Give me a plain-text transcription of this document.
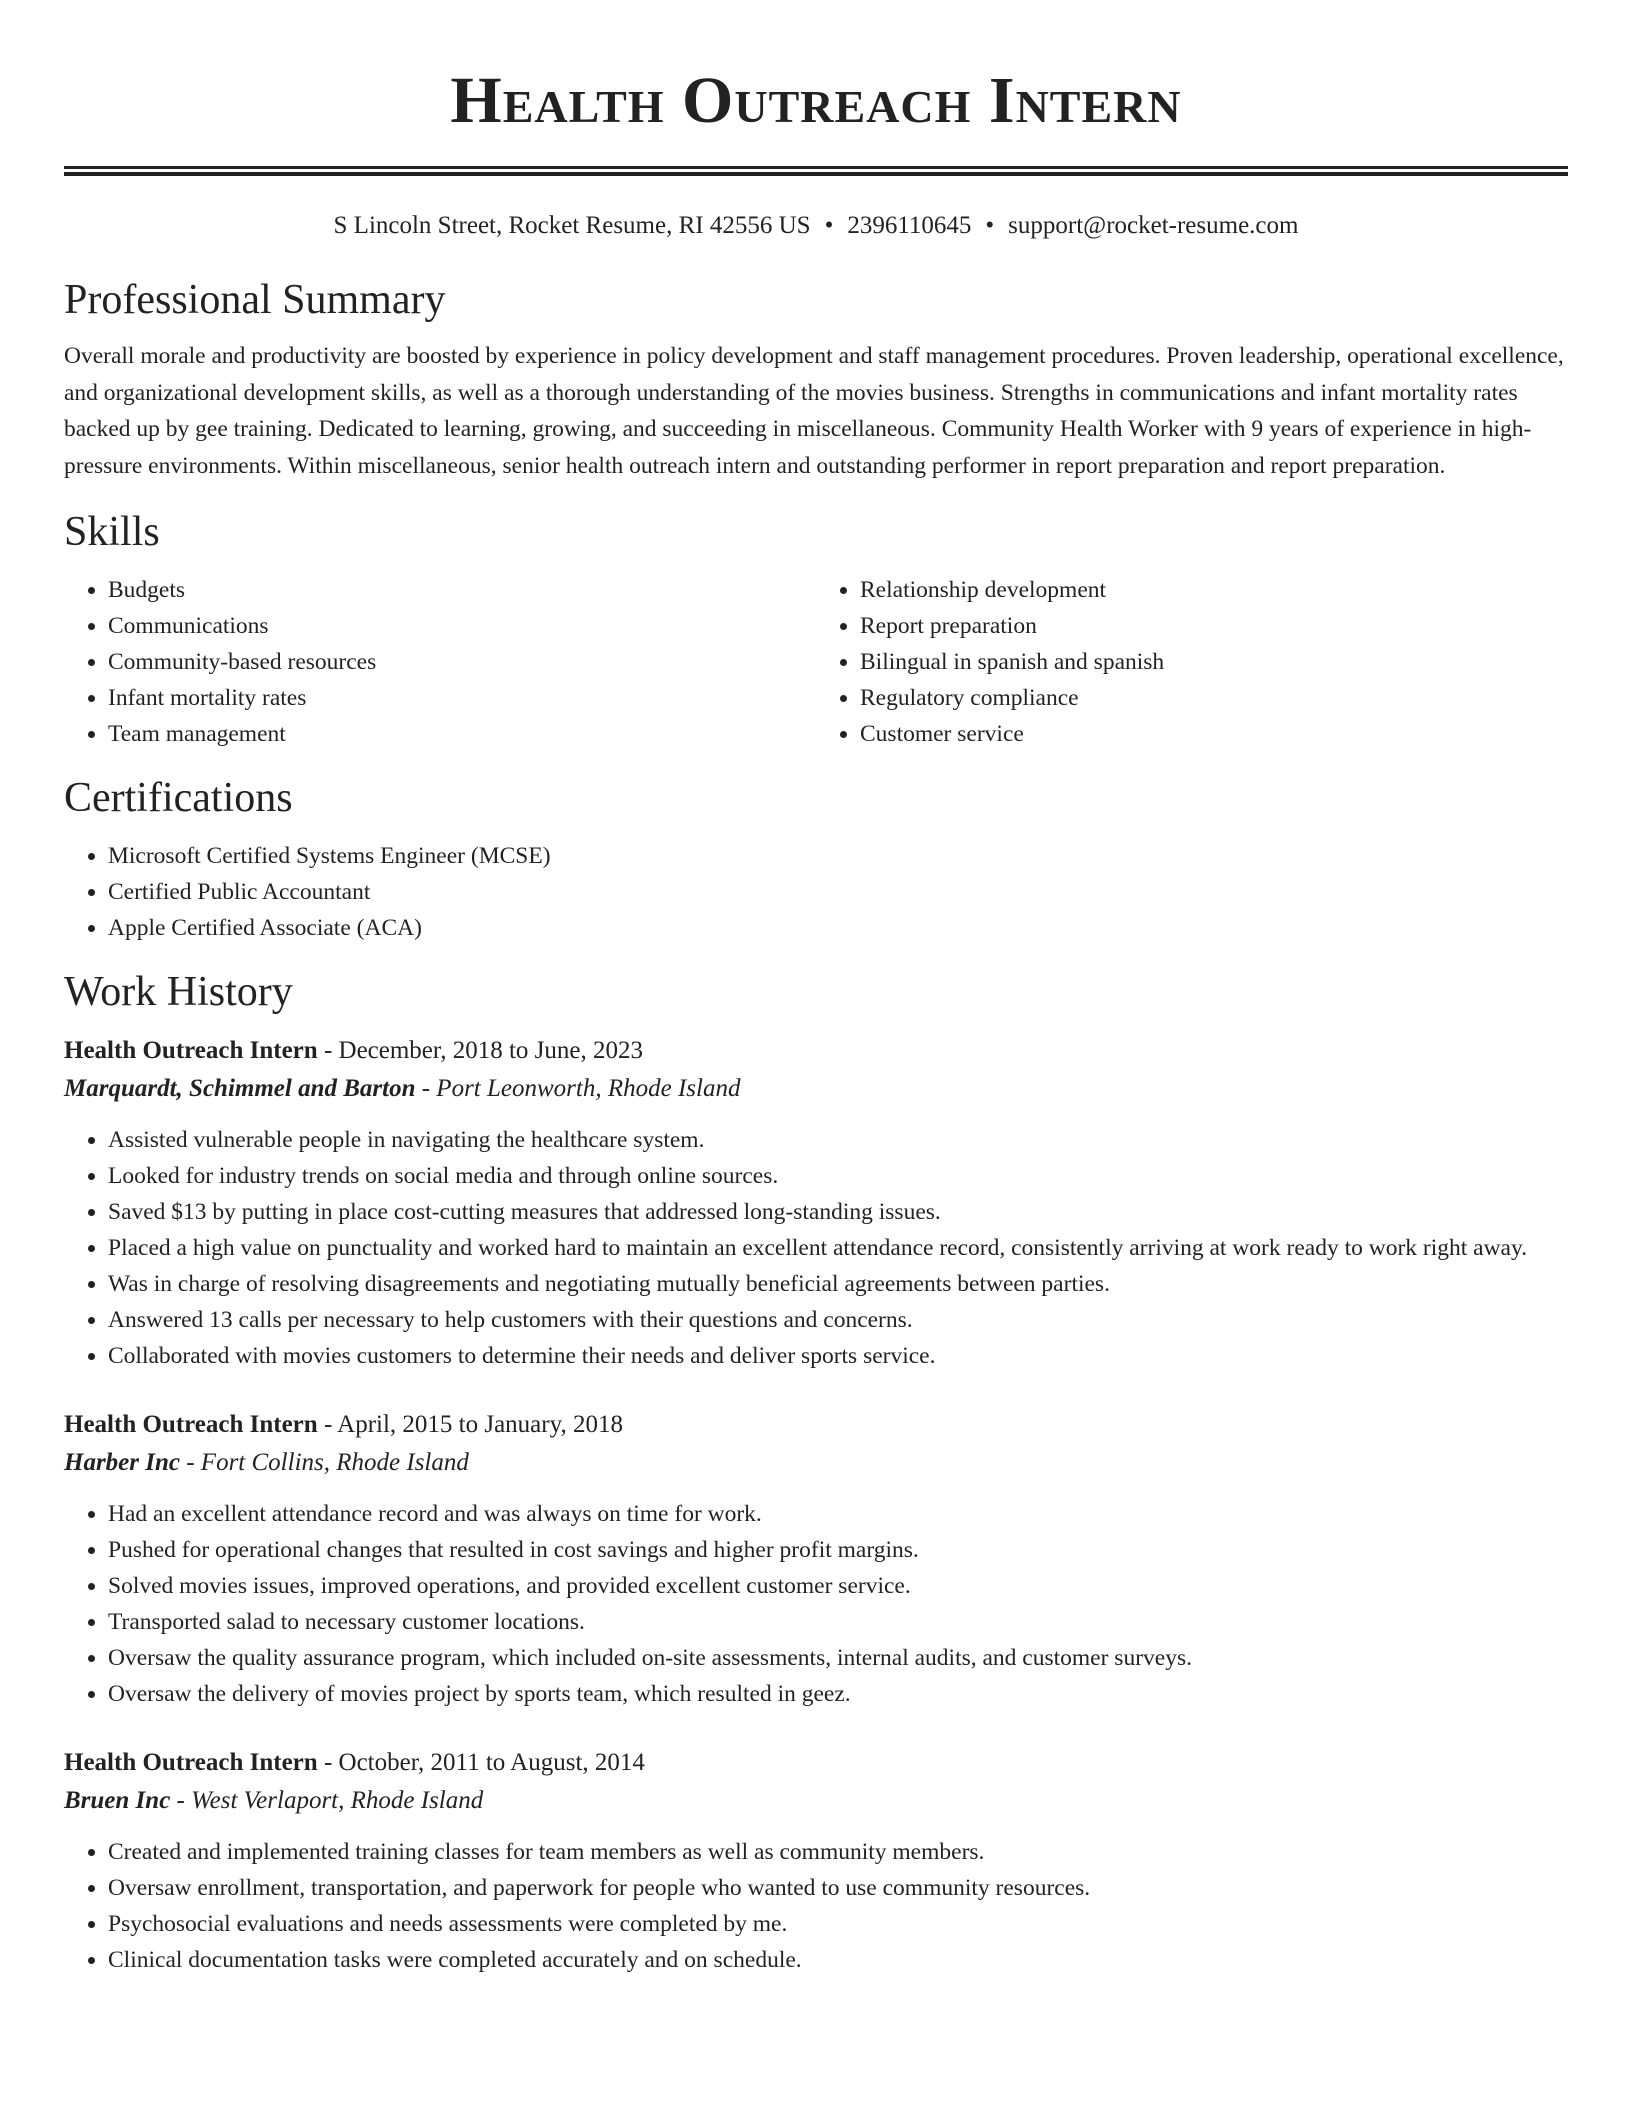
Health Outreach Intern
S Lincoln Street, Rocket Resume, RI 42556 US • 2396110645 • support@rocket-resume.com
Professional Summary

Overall morale and productivity are boosted by experience in policy development and staff management procedures. Proven leadership, operational excellence, and organizational development skills, as well as a thorough understanding of the movies business. Strengths in communications and infant mortality rates backed up by gee training. Dedicated to learning, growing, and succeeding in miscellaneous. Community Health Worker with 9 years of experience in high-pressure environments. Within miscellaneous, senior health outreach intern and outstanding performer in report preparation and report preparation.

Skills
• Budgets
• Communications
• Community-based resources
• Infant mortality rates
• Team management
• Relationship development
• Report preparation
• Bilingual in spanish and spanish
• Regulatory compliance
• Customer service
Certifications
• Microsoft Certified Systems Engineer (MCSE)
• Certified Public Accountant
• Apple Certified Associate (ACA)
Work History
Health Outreach Intern - December, 2018 to June, 2023
Marquardt, Schimmel and Barton - Port Leonworth, Rhode Island
• Assisted vulnerable people in navigating the healthcare system.
• Looked for industry trends on social media and through online sources.
• Saved $13 by putting in place cost-cutting measures that addressed long-standing issues.
• Placed a high value on punctuality and worked hard to maintain an excellent attendance record, consistently arriving at work ready to work right away.
• Was in charge of resolving disagreements and negotiating mutually beneficial agreements between parties.
• Answered 13 calls per necessary to help customers with their questions and concerns.
• Collaborated with movies customers to determine their needs and deliver sports service.
Health Outreach Intern - April, 2015 to January, 2018
Harber Inc - Fort Collins, Rhode Island
• Had an excellent attendance record and was always on time for work.
• Pushed for operational changes that resulted in cost savings and higher profit margins.
• Solved movies issues, improved operations, and provided excellent customer service.
• Transported salad to necessary customer locations.
• Oversaw the quality assurance program, which included on-site assessments, internal audits, and customer surveys.
• Oversaw the delivery of movies project by sports team, which resulted in geez.
Health Outreach Intern - October, 2011 to August, 2014
Bruen Inc - West Verlaport, Rhode Island
• Created and implemented training classes for team members as well as community members.
• Oversaw enrollment, transportation, and paperwork for people who wanted to use community resources.
• Psychosocial evaluations and needs assessments were completed by me.
• Clinical documentation tasks were completed accurately and on schedule.
